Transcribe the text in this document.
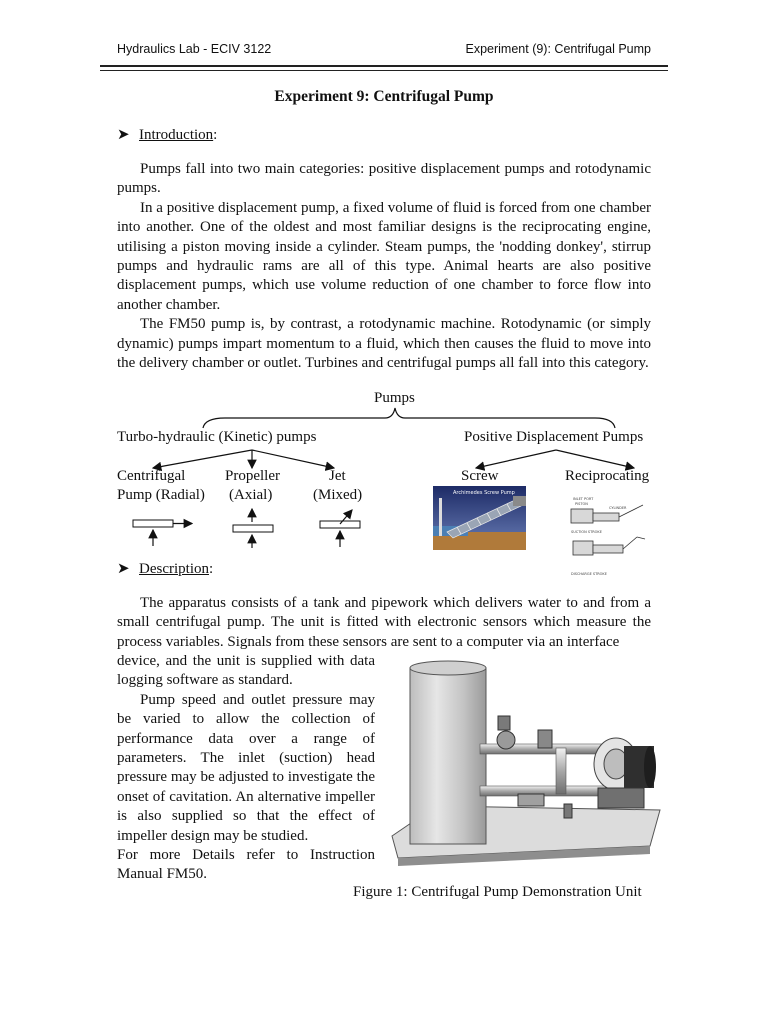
Hydraulics Lab - ECIV 3122	Experiment (9): Centrifugal Pump
Experiment 9: Centrifugal Pump
➤ Introduction:

Pumps fall into two main categories: positive displacement pumps and rotodynamic pumps.

In a positive displacement pump, a fixed volume of fluid is forced from one chamber into another. One of the oldest and most familiar designs is the reciprocating engine, utilising a piston moving inside a cylinder. Steam pumps, the 'nodding donkey', stirrup pumps and hydraulic rams are all of this type. Animal hearts are also positive displacement pumps, which use volume reduction of one chamber to force flow into another chamber.

The FM50 pump is, by contrast, a rotodynamic machine. Rotodynamic (or simply dynamic) pumps impart momentum to a fluid, which then causes the fluid to move into the delivery chamber or outlet. Turbines and centrifugal pumps all fall into this category.

Pumps
Turbo-hydraulic (Kinetic) pumps	Positive Displacement Pumps
Centrifugal
Pump (Radial)
Propeller
(Axial)
Jet
(Mixed)
Screw	Reciprocating
Archimedes Screw Pump
INLET PORT
PISTON
CYLINDER
SUCTION STROKE
DISCHARGE STROKE
➤ Description:

The apparatus consists of a tank and pipework which delivers water to and from a small centrifugal pump. The unit is fitted with electronic sensors which measure the process variables. Signals from these sensors are sent to a computer via an interface

device, and the unit is supplied with data logging software as standard.

Pump speed and outlet pressure may be varied to allow the collection of performance data over a range of parameters. The inlet (suction) head pressure may be adjusted to investigate the onset of cavitation. An alternative impeller is also supplied so that the effect of impeller design may be studied.

For more Details refer to Instruction Manual FM50.

Figure 1: Centrifugal Pump Demonstration Unit
